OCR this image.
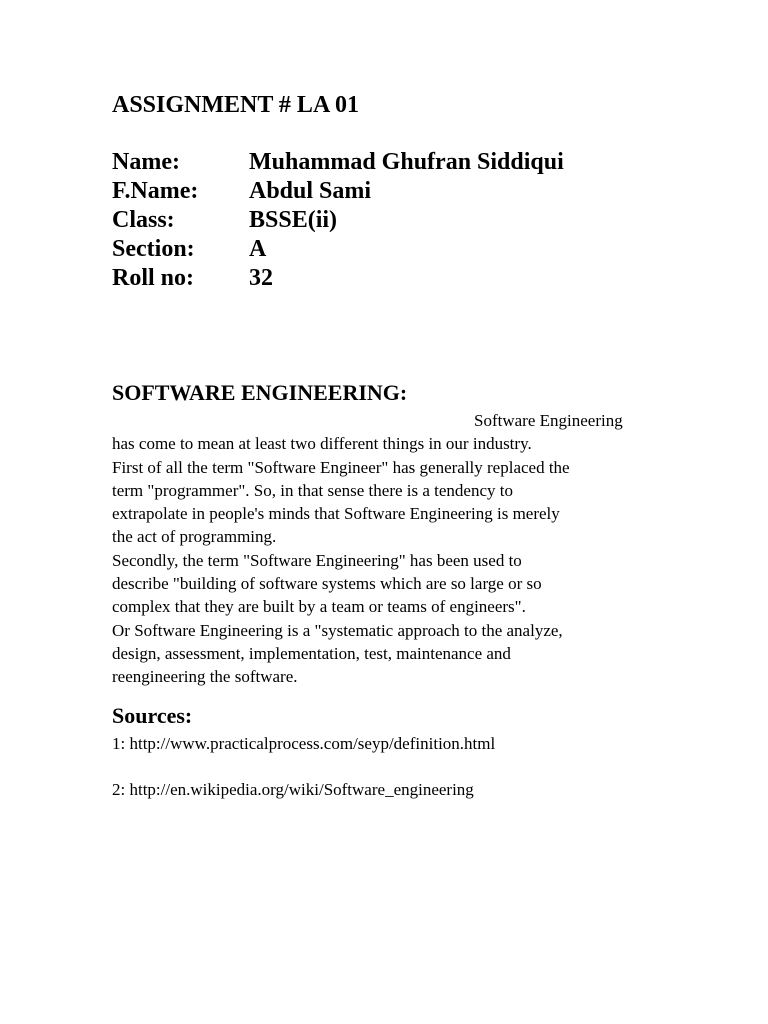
ASSIGNMENT # LA 01
Name:	Muhammad Ghufran Siddiqui
F.Name:	Abdul Sami
Class:	BSSE(ii)
Section:	A
Roll no:	32
SOFTWARE ENGINEERING:
Software Engineering
has come to mean at least two different things in our industry.
First of all the term "Software Engineer" has generally replaced the
term "programmer". So, in that sense there is a tendency to
extrapolate in people's minds that Software Engineering is merely
the act of programming.
Secondly, the term "Software Engineering" has been used to
describe "building of software systems which are so large or so
complex that they are built by a team or teams of engineers".
Or Software Engineering is a "systematic approach to the analyze,
design, assessment, implementation, test, maintenance and
reengineering the software.
Sources:
1: http://www.practicalprocess.com/seyp/definition.html
2: http://en.wikipedia.org/wiki/Software_engineering
